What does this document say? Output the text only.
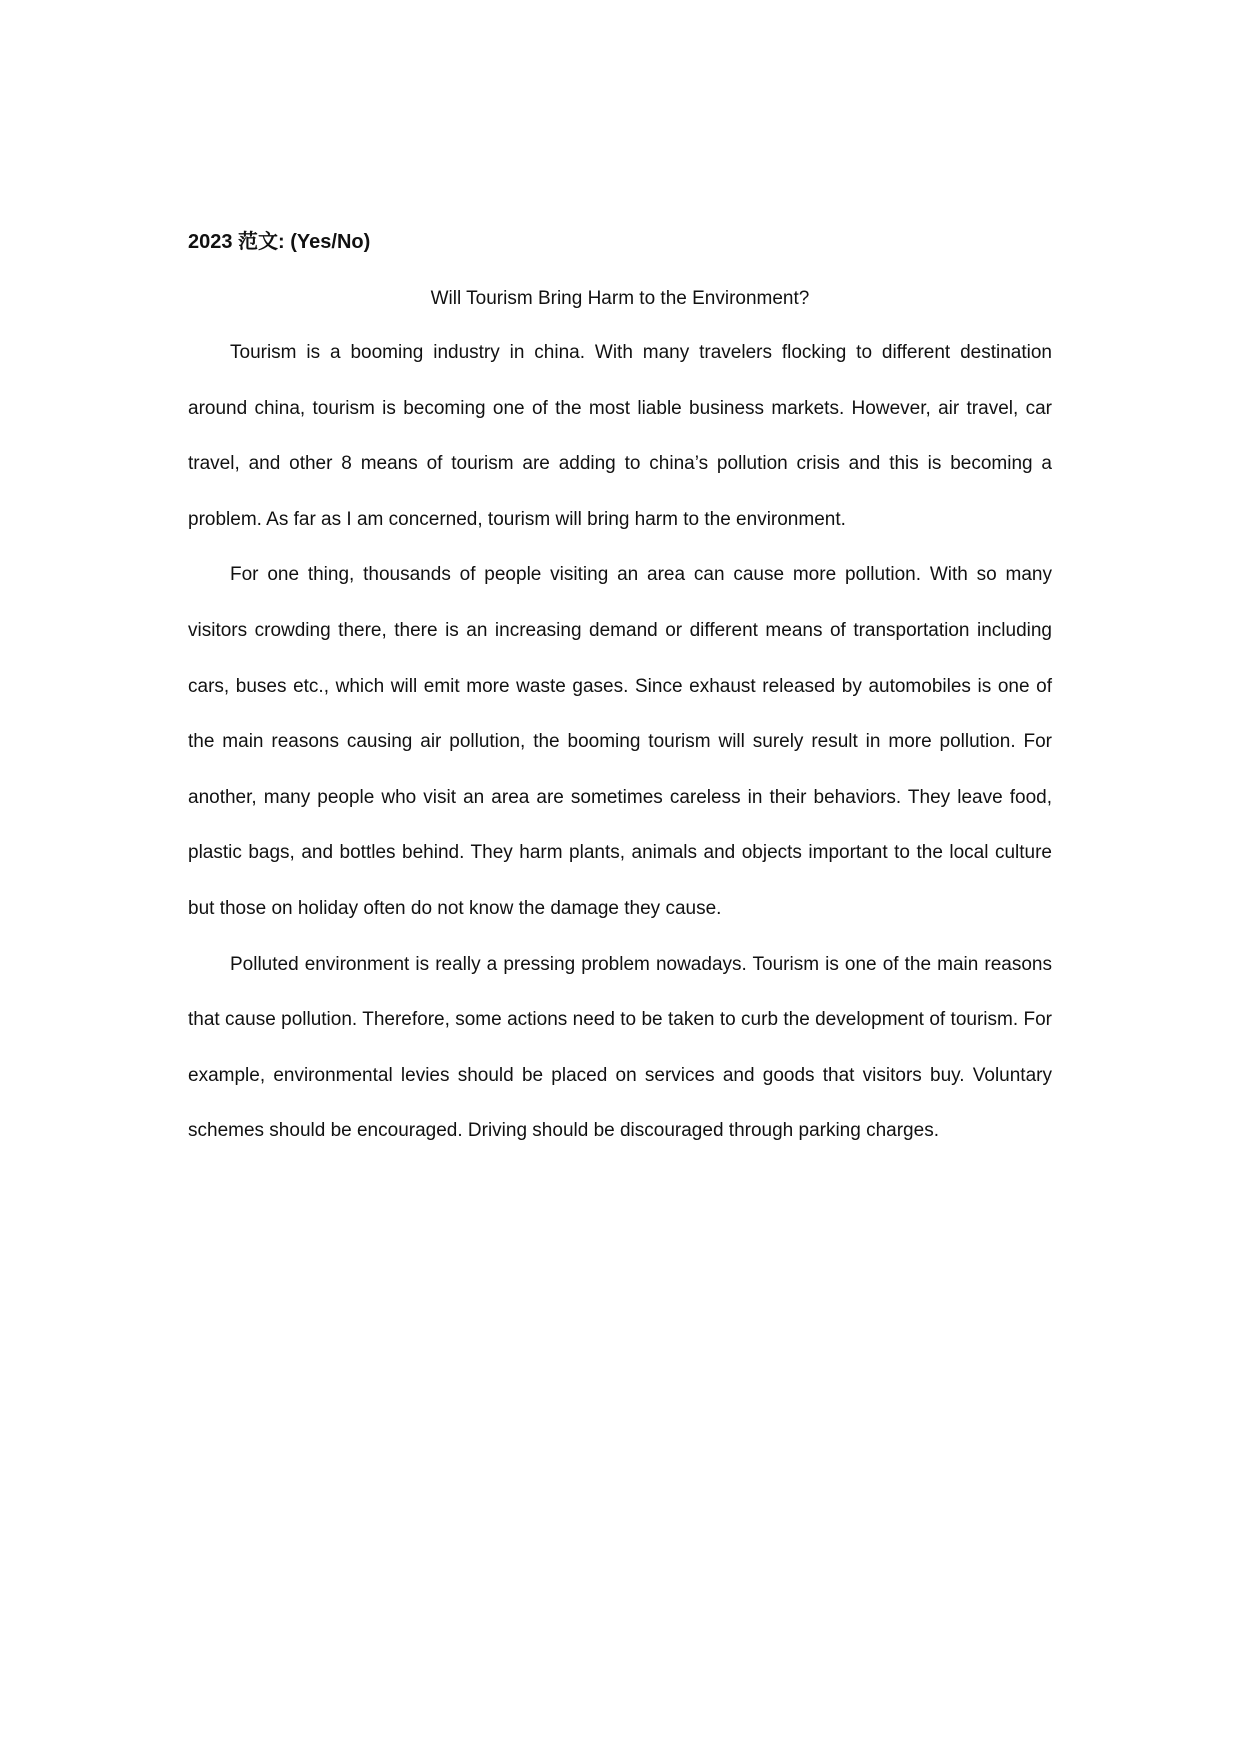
2023 范文: (Yes/No)

Will Tourism Bring Harm to the Environment?

Tourism is a booming industry in china. With many travelers flocking to different destination around china, tourism is becoming one of the most liable business markets. However, air travel, car travel, and other 8 means of tourism are adding to china’s pollution crisis and this is becoming a problem. As far as I am concerned, tourism will bring harm to the environment.

For one thing, thousands of people visiting an area can cause more pollution. With so many visitors crowding there, there is an increasing demand or different means of transportation including cars, buses etc., which will emit more waste gases. Since exhaust released by automobiles is one of the main reasons causing air pollution, the booming tourism will surely result in more pollution. For another, many people who visit an area are sometimes careless in their behaviors. They leave food, plastic bags, and bottles behind. They harm plants, animals and objects important to the local culture but those on holiday often do not know the damage they cause.

Polluted environment is really a pressing problem nowadays. Tourism is one of the main reasons that cause pollution. Therefore, some actions need to be taken to curb the development of tourism. For example, environmental levies should be placed on services and goods that visitors buy. Voluntary schemes should be encouraged. Driving should be discouraged through parking charges.
